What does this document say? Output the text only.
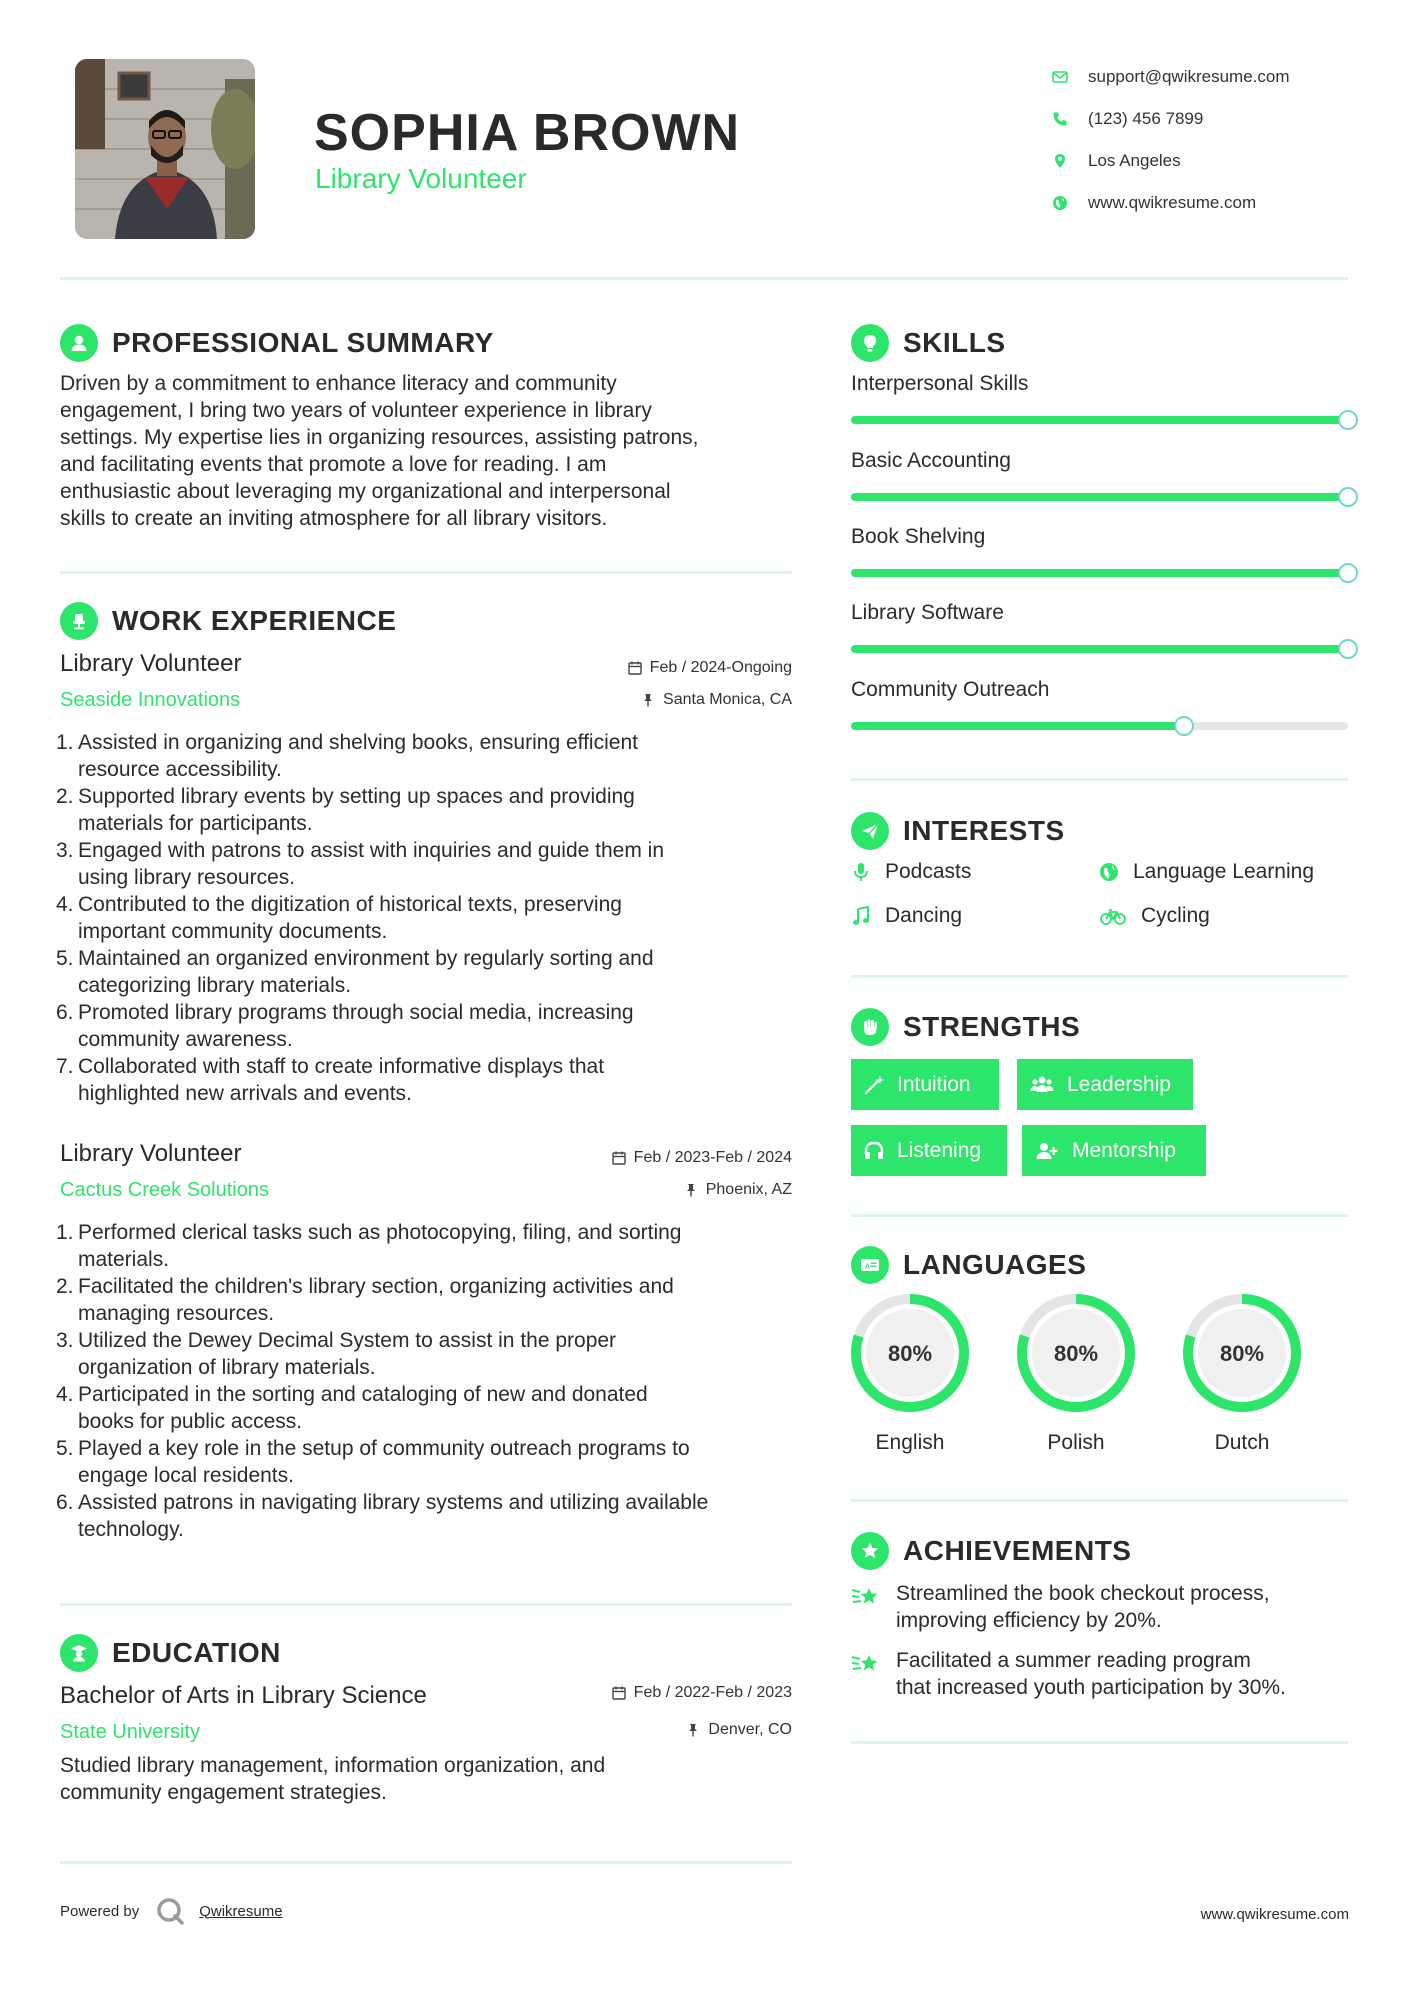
SOPHIA BROWN
Library Volunteer
support@qwikresume.com
(123) 456 7899
Los Angeles
www.qwikresume.com
PROFESSIONAL SUMMARY
Driven by a commitment to enhance literacy and community
engagement, I bring two years of volunteer experience in library
settings. My expertise lies in organizing resources, assisting patrons,
and facilitating events that promote a love for reading. I am
enthusiastic about leveraging my organizational and interpersonal
skills to create an inviting atmosphere for all library visitors.
WORK EXPERIENCE
Library Volunteer
Seaside Innovations
Feb / 2024-Ongoing
Santa Monica, CA
1. Assisted in organizing and shelving books, ensuring efficient
resource accessibility.
2. Supported library events by setting up spaces and providing
materials for participants.
3. Engaged with patrons to assist with inquiries and guide them in
using library resources.
4. Contributed to the digitization of historical texts, preserving
important community documents.
5. Maintained an organized environment by regularly sorting and
categorizing library materials.
6. Promoted library programs through social media, increasing
community awareness.
7. Collaborated with staff to create informative displays that
highlighted new arrivals and events.
Library Volunteer
Cactus Creek Solutions
Feb / 2023-Feb / 2024
Phoenix, AZ
1. Performed clerical tasks such as photocopying, filing, and sorting
materials.
2. Facilitated the children's library section, organizing activities and
managing resources.
3. Utilized the Dewey Decimal System to assist in the proper
organization of library materials.
4. Participated in the sorting and cataloging of new and donated
books for public access.
5. Played a key role in the setup of community outreach programs to
engage local residents.
6. Assisted patrons in navigating library systems and utilizing available
technology.
EDUCATION
Bachelor of Arts in Library Science
State University
Feb / 2022-Feb / 2023
Denver, CO
Studied library management, information organization, and
community engagement strategies.
SKILLS
Interpersonal Skills
Basic Accounting
Book Shelving
Library Software
Community Outreach
INTERESTS
Podcasts	Language Learning
Dancing	Cycling
STRENGTHS
Intuition	Leadership
Listening	Mentorship
A LANGUAGES
80%
English
80%
Polish
80%
Dutch
ACHIEVEMENTS
Streamlined the book checkout process,
improving efficiency by 20%.
Facilitated a summer reading program
that increased youth participation by 30%.
Powered by	Qwikresume	www.qwikresume.com
